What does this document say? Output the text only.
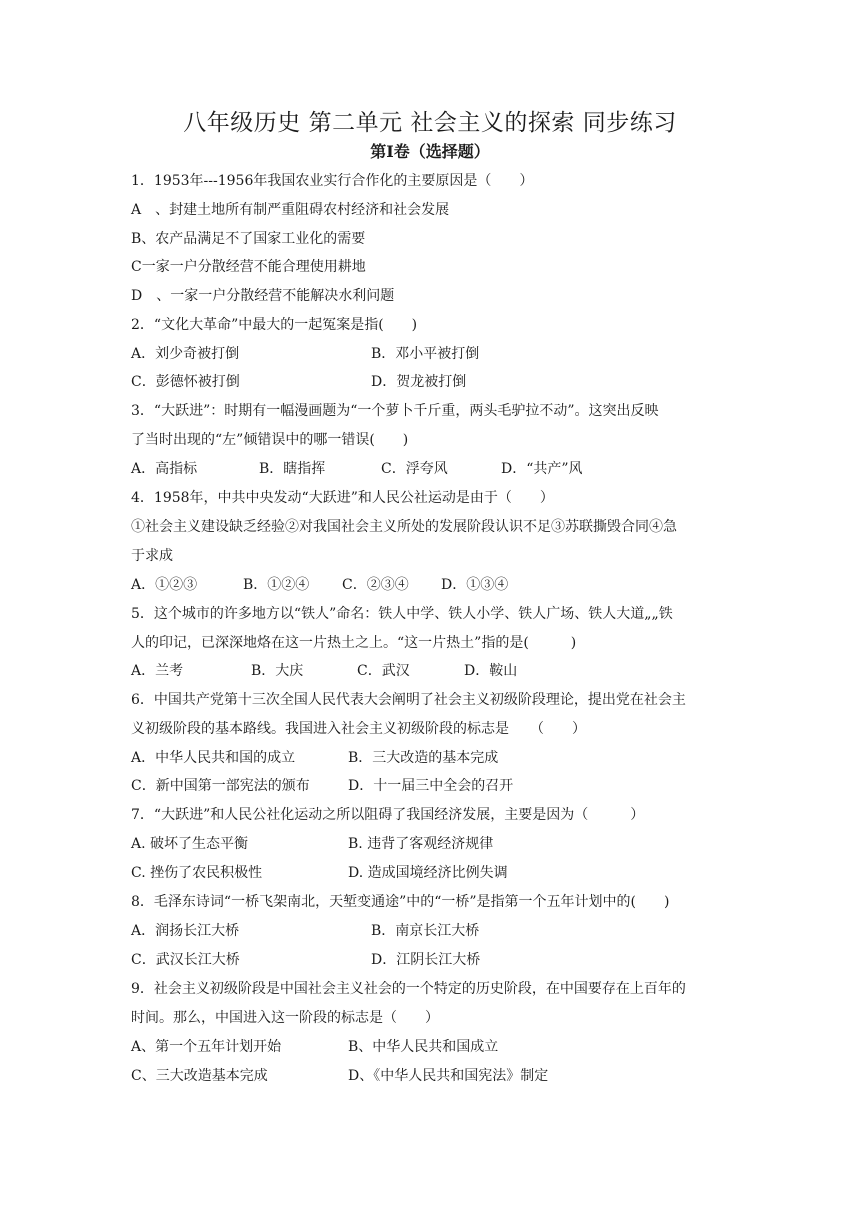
八年级历史 第二单元 社会主义的探索 同步练习
第Ⅰ卷（选择题）
1．1953年---1956年我国农业实行合作化的主要原因是（　　）
A　、封建土地所有制严重阻碍农村经济和社会发展
B、农产品满足不了国家工业化的需要
C一家一户分散经营不能合理使用耕地
D　、一家一户分散经营不能解决水利问题
2．“文化大革命”中最大的一起冤案是指(　　)
A．刘少奇被打倒	B．邓小平被打倒
C．彭德怀被打倒	D．贺龙被打倒
3．“大跃进”：时期有一幅漫画题为“一个萝卜千斤重，两头毛驴拉不动”。这突出反映
了当时出现的“左”倾错误中的哪一错误(　　)
A．高指标	B．瞎指挥	C．浮夸风	D．“共产”风
4．1958年，中共中央发动“大跃进”和人民公社运动是由于（　　）
①社会主义建设缺乏经验②对我国社会主义所处的发展阶段认识不足③苏联撕毁合同④急
于求成
A．①②③	B．①②④ C．②③④ D．①③④
5．这个城市的许多地方以“铁人”命名：铁人中学、铁人小学、铁人广场、铁人大道„„铁
人的印记，已深深地烙在这一片热土之上。“这一片热土”指的是(　　　)
A．兰考	B．大庆	C．武汉	D．鞍山
6．中国共产党第十三次全国人民代表大会阐明了社会主义初级阶段理论，提出党在社会主
义初级阶段的基本路线。我国进入社会主义初级阶段的标志是　　（　　）
A．中华人民共和国的成立	B．三大改造的基本完成
C．新中国第一部宪法的颁布	D．十一届三中全会的召开
7．“大跃进”和人民公社化运动之所以阻碍了我国经济发展，主要是因为（　　　）
A. 破坏了生态平衡	B. 违背了客观经济规律
C. 挫伤了农民积极性	D. 造成国境经济比例失调
8．毛泽东诗词“一桥飞架南北，天堑变通途”中的“一桥”是指第一个五年计划中的(　　)
A．润扬长江大桥	B．南京长江大桥
C．武汉长江大桥	D．江阴长江大桥
9．社会主义初级阶段是中国社会主义社会的一个特定的历史阶段，在中国要存在上百年的
时间。那么，中国进入这一阶段的标志是（　　）
A、第一个五年计划开始	B、中华人民共和国成立
C、三大改造基本完成	D、《中华人民共和国宪法》制定
